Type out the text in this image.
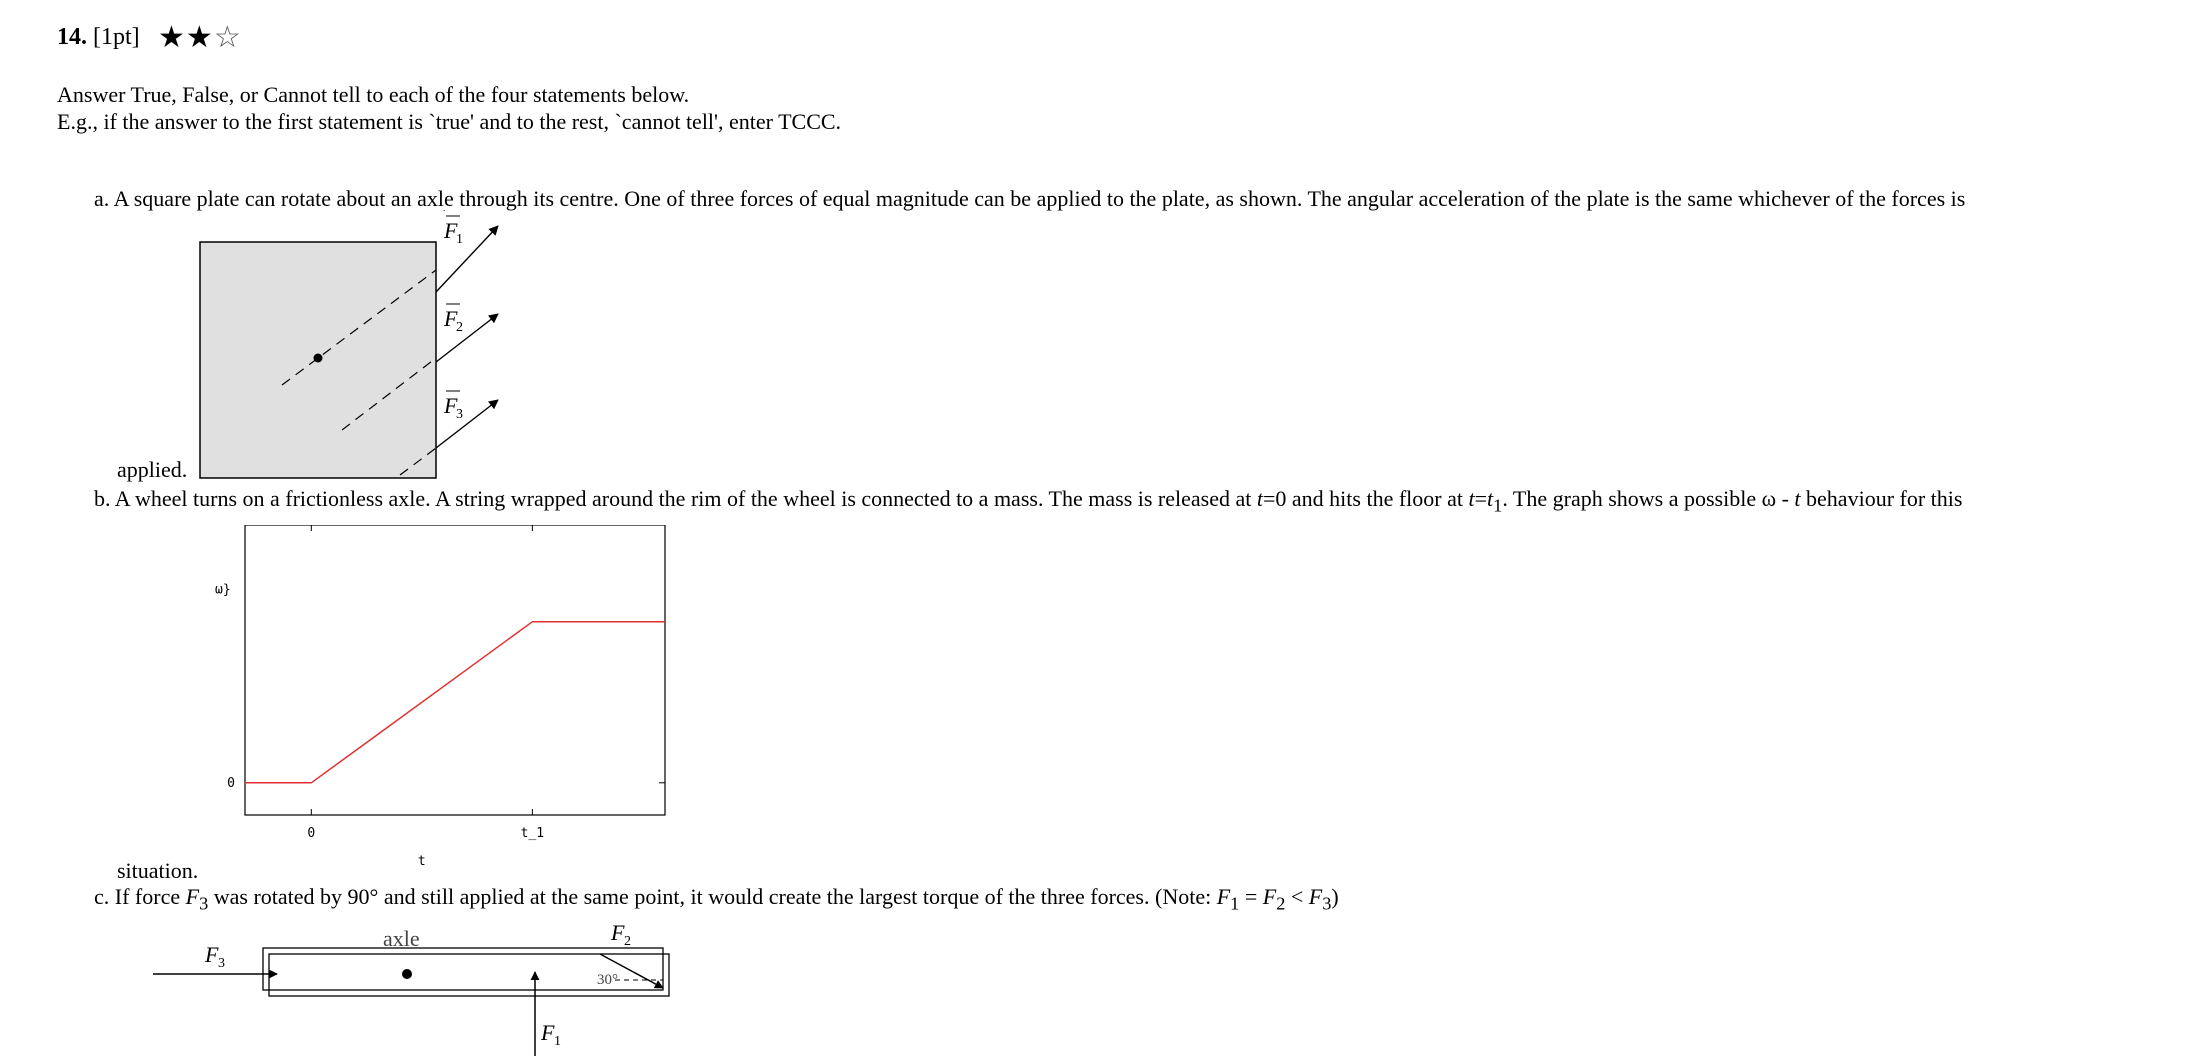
14. [1pt] ★★☆
Answer True, False, or Cannot tell to each of the four statements below.
E.g., if the answer to the first statement is `true' and to the rest, `cannot tell', enter TCCC.
a. A square plate can rotate about an axle through its centre. One of three forces of equal magnitude can be applied to the plate, as shown. The angular acceleration of the plate is the same whichever of the forces is
F
1
F
2
F
3
applied.
b. A wheel turns on a frictionless axle. A string wrapped around the rim of the wheel is connected to a mass. The mass is released at t=0 and hits the floor at $t=t_1$. The graph shows a possible ω - t behaviour for this
ω}
0
0	t_1
t
situation.
c. If force $F_3$ was rotated by 90° and still applied at the same point, it would create the largest torque of the three forces. (Note: $F_1 = F_2 < F_3$)
axle
F 3
F 1
30°
F 2
